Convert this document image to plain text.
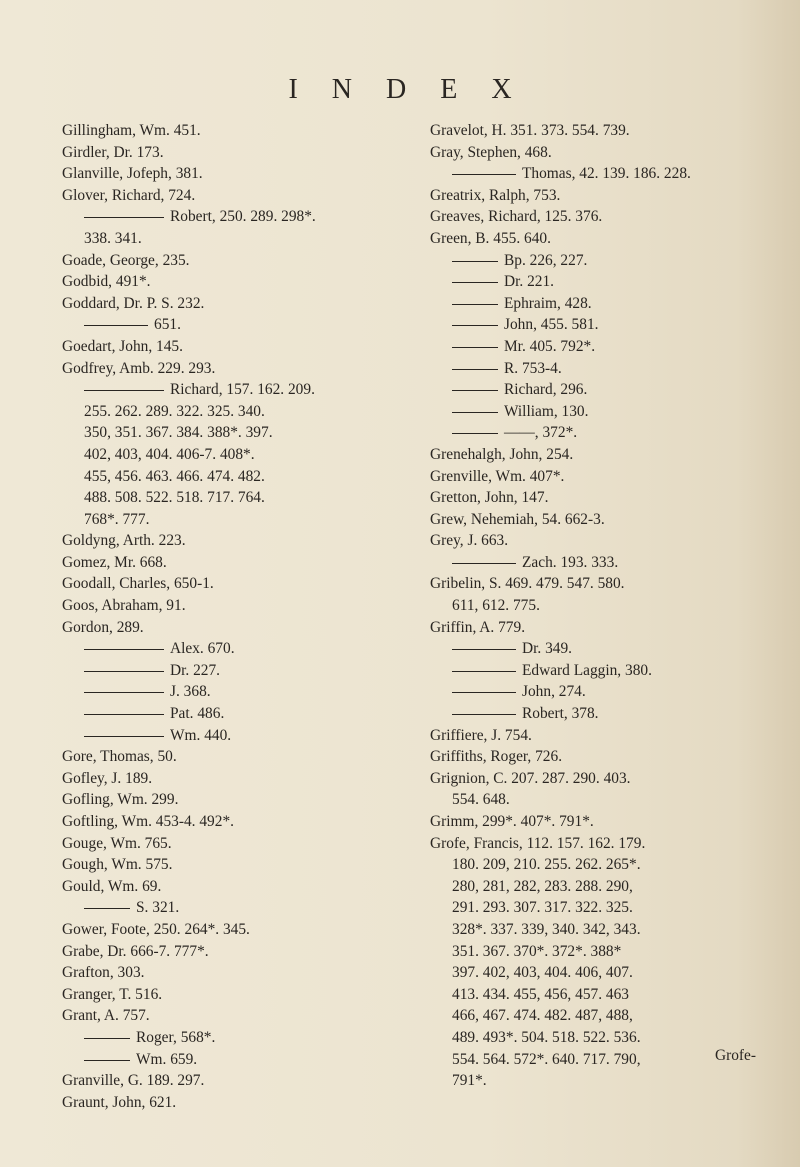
INDEX
Gillingham, Wm. 451.
Girdler, Dr. 173.
Glanville, Jofeph, 381.
Glover, Richard, 724.
Robert, 250. 289. 298*.
338. 341.
Goade, George, 235.
Godbid, 491*.
Goddard, Dr. P. S. 232.
651.
Goedart, John, 145.
Godfrey, Amb. 229. 293.
Richard, 157. 162. 209.
255. 262. 289. 322. 325. 340.
350, 351. 367. 384. 388*. 397.
402, 403, 404. 406-7. 408*.
455, 456. 463. 466. 474. 482.
488. 508. 522. 518. 717. 764.
768*. 777.
Goldyng, Arth. 223.
Gomez, Mr. 668.
Goodall, Charles, 650-1.
Goos, Abraham, 91.
Gordon, 289.
Alex. 670.
Dr. 227.
J. 368.
Pat. 486.
Wm. 440.
Gore, Thomas, 50.
Gofley, J. 189.
Gofling, Wm. 299.
Goftling, Wm. 453-4. 492*.
Gouge, Wm. 765.
Gough, Wm. 575.
Gould, Wm. 69.
S. 321.
Gower, Foote, 250. 264*. 345.
Grabe, Dr. 666-7. 777*.
Grafton, 303.
Granger, T. 516.
Grant, A. 757.
Roger, 568*.
Wm. 659.
Granville, G. 189. 297.
Graunt, John, 621.
Gravelot, H. 351. 373. 554. 739.
Gray, Stephen, 468.
Thomas, 42. 139. 186. 228.
Greatrix, Ralph, 753.
Greaves, Richard, 125. 376.
Green, B. 455. 640.
Bp. 226, 227.
Dr. 221.
Ephraim, 428.
John, 455. 581.
Mr. 405. 792*.
R. 753-4.
Richard, 296.
William, 130.
——, 372*.
Grenehalgh, John, 254.
Grenville, Wm. 407*.
Gretton, John, 147.
Grew, Nehemiah, 54. 662-3.
Grey, J. 663.
Zach. 193. 333.
Gribelin, S. 469. 479. 547. 580.
611, 612. 775.
Griffin, A. 779.
Dr. 349.
Edward Laggin, 380.
John, 274.
Robert, 378.
Griffiere, J. 754.
Griffiths, Roger, 726.
Grignion, C. 207. 287. 290. 403.
554. 648.
Grimm, 299*. 407*. 791*.
Grofe, Francis, 112. 157. 162. 179.
180. 209, 210. 255. 262. 265*.
280, 281, 282, 283. 288. 290,
291. 293. 307. 317. 322. 325.
328*. 337. 339, 340. 342, 343.
351. 367. 370*. 372*. 388*
397. 402, 403, 404. 406, 407.
413. 434. 455, 456, 457. 463
466, 467. 474. 482. 487, 488,
489. 493*. 504. 518. 522. 536.
554. 564. 572*. 640. 717. 790,
791*.
Grofe-
